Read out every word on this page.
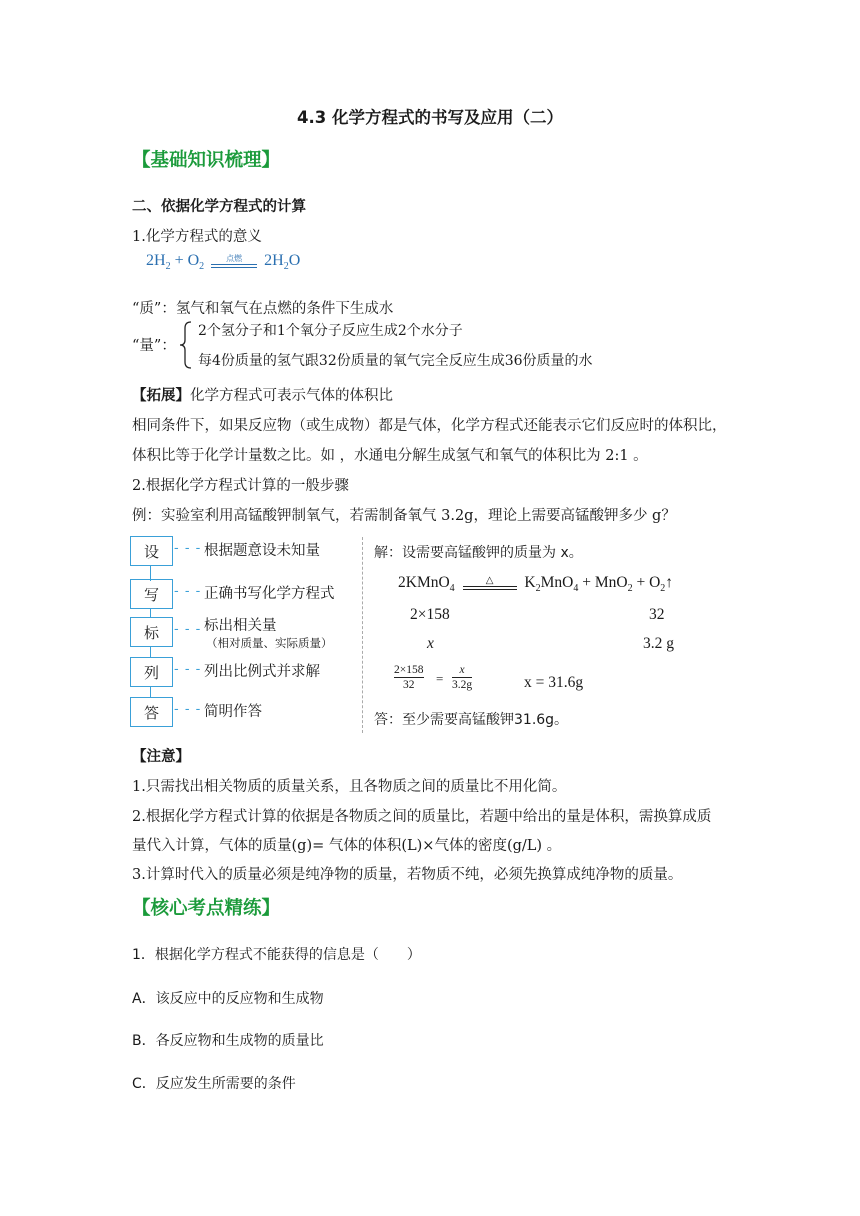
4.3 化学方程式的书写及应用（二）
【基础知识梳理】
二、依据化学方程式的计算
1.化学方程式的意义
$2H_2 + O_2$
点燃	$2H_2O$
“质”：氢气和氧气在点燃的条件下生成水
“量”：
2个氢分子和1个氧分子反应生成2个水分子
每4份质量的氢气跟32份质量的氧气完全反应生成36份质量的水
【拓展】化学方程式可表示气体的体积比
相同条件下，如果反应物（或生成物）都是气体，化学方程式还能表示它们反应时的体积比，
体积比等于化学计量数之比。如 ，水通电分解生成氢气和氧气的体积比为 2:1 。
2.根据化学方程式计算的一般步骤
例：实验室利用高锰酸钾制氧气，若需制备氧气 3.2g，理论上需要高锰酸钾多少 g？
设	- - - 根据题意设未知量
写	- - - 正确书写化学方程式
标	- - - 标出相关量
（相对质量、实际质量）
列	- - - 列出比例式并求解
答	- - - 简明作答
解：设需要高锰酸钾的质量为 x。
2KMnO$_4$
△	$K_2MnO_4 + MnO_2$ + $O_2↑$
2×158	32
x	3.2 g
2×158
32 =
x
3.2g	x = 31.6g
答：至少需要高锰酸钾31.6g。
【注意】
1.只需找出相关物质的质量关系，且各物质之间的质量比不用化简。
2.根据化学方程式计算的依据是各物质之间的质量比，若题中给出的量是体积，需换算成质
量代入计算，气体的质量(g)= 气体的体积(L)×气体的密度(g/L) 。
3.计算时代入的质量必须是纯净物的质量，若物质不纯，必须先换算成纯净物的质量。
【核心考点精练】
1．根据化学方程式不能获得的信息是（　　）
A．该反应中的反应物和生成物
B．各反应物和生成物的质量比
C．反应发生所需要的条件
